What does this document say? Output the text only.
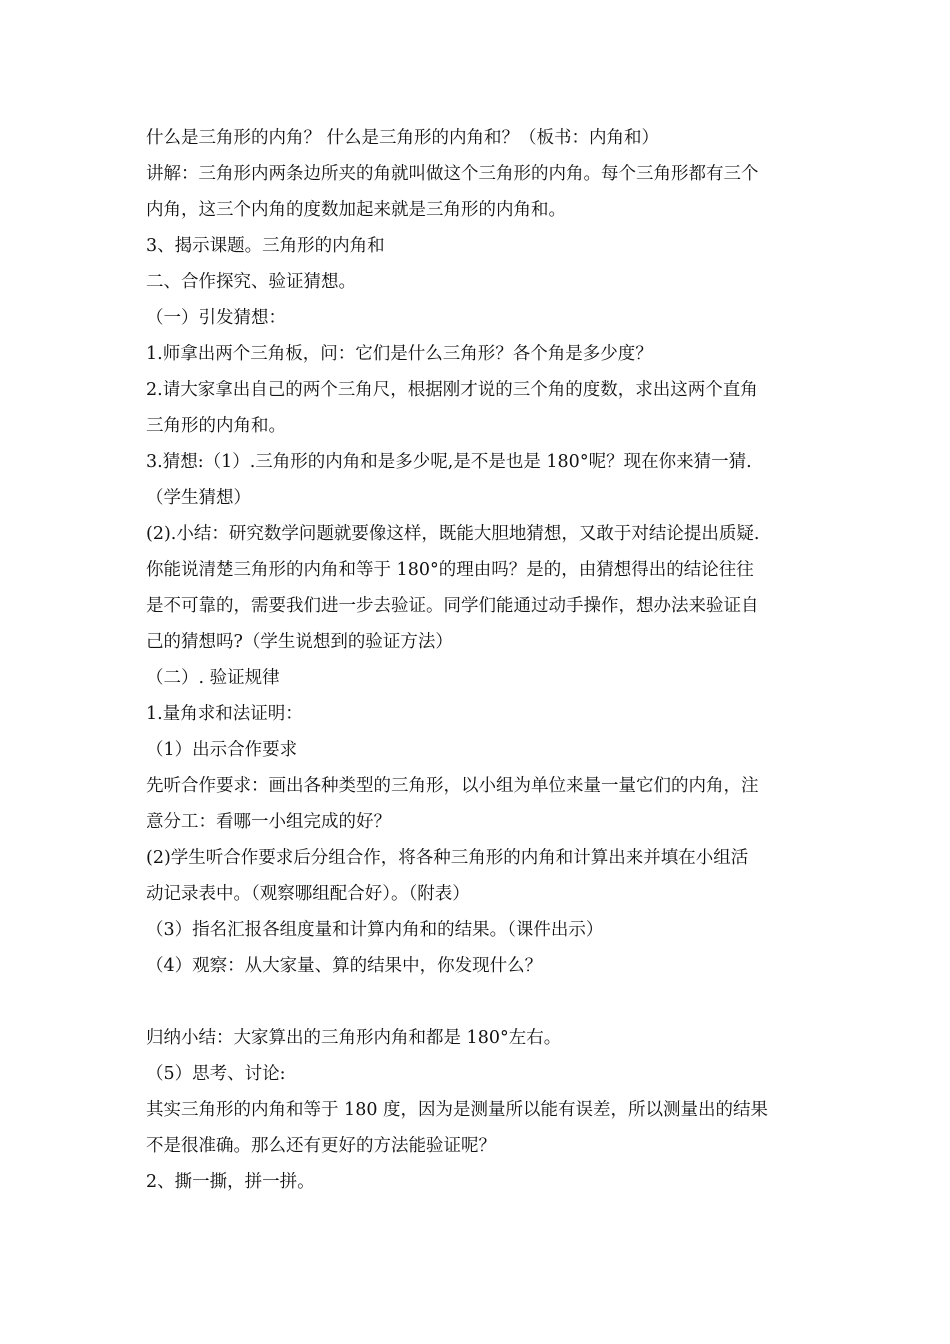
什么是三角形的内角？ 什么是三角形的内角和？（板书：内角和）
讲解：三角形内两条边所夹的角就叫做这个三角形的内角。每个三角形都有三个
内角，这三个内角的度数加起来就是三角形的内角和。
3、揭示课题。三角形的内角和
二、合作探究、验证猜想。
（一）引发猜想：
1.师拿出两个三角板，问：它们是什么三角形？各个角是多少度？
2.请大家拿出自己的两个三角尺，根据刚才说的三个角的度数，求出这两个直角
三角形的内角和。
3.猜想:（1）.三角形的内角和是多少呢,是不是也是 180°呢？现在你来猜一猜.
（学生猜想）
(2).小结：研究数学问题就要像这样，既能大胆地猜想，又敢于对结论提出质疑.
你能说清楚三角形的内角和等于 180°的理由吗？是的，由猜想得出的结论往往
是不可靠的，需要我们进一步去验证。同学们能通过动手操作，想办法来验证自
己的猜想吗?（学生说想到的验证方法）
（二）. 验证规律
1.量角求和法证明：
（1）出示合作要求
先听合作要求：画出各种类型的三角形，以小组为单位来量一量它们的内角，注
意分工：看哪一小组完成的好？
(2)学生听合作要求后分组合作，将各种三角形的内角和计算出来并填在小组活
动记录表中。（观察哪组配合好）。（附表）
（3）指名汇报各组度量和计算内角和的结果。（课件出示）
（4）观察：从大家量、算的结果中，你发现什么？
归纳小结：大家算出的三角形内角和都是 180°左右。
（5）思考、讨论:
其实三角形的内角和等于 180 度，因为是测量所以能有误差，所以测量出的结果
不是很准确。那么还有更好的方法能验证呢？
2、撕一撕，拼一拼。
